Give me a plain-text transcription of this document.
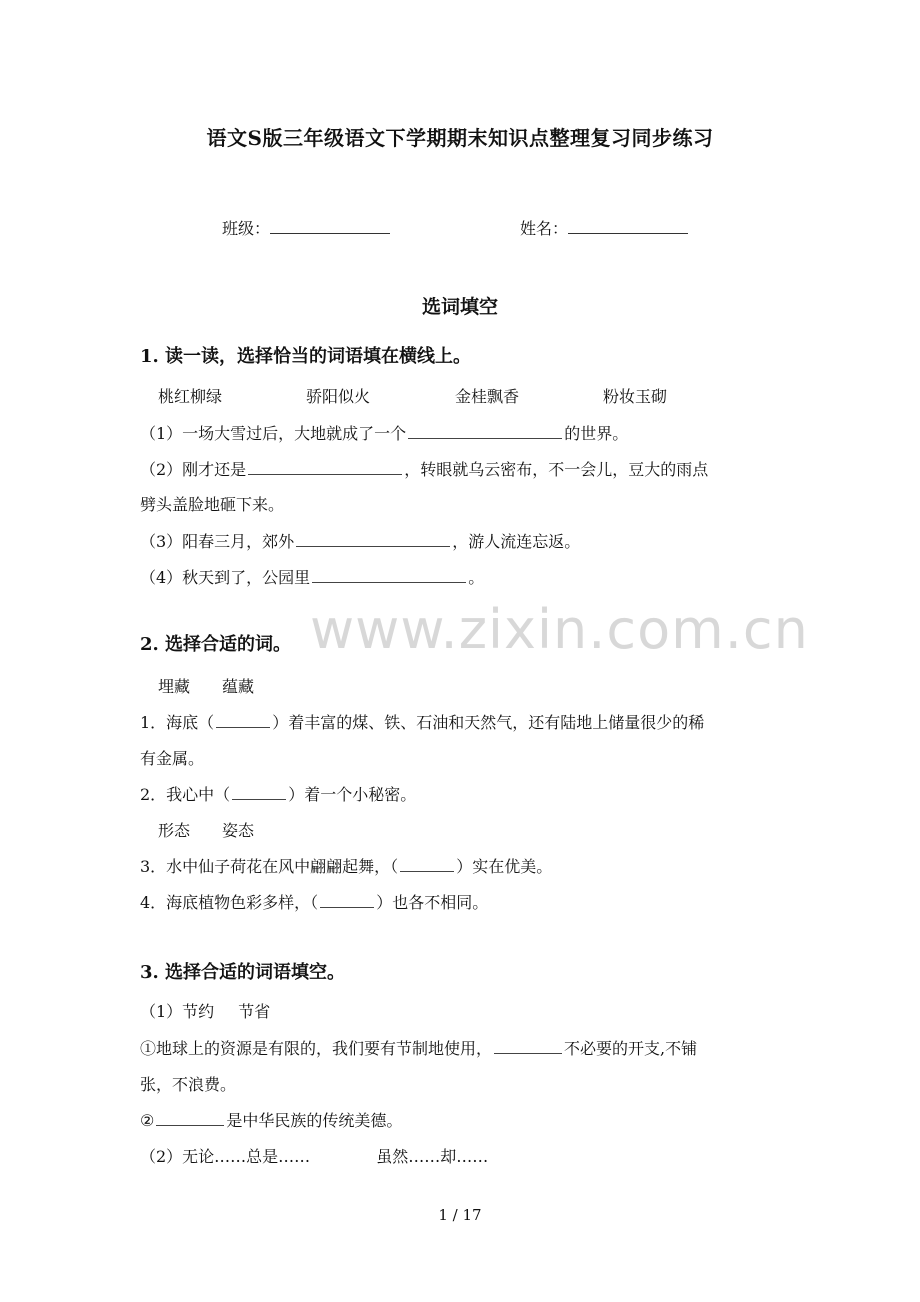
语文S版三年级语文下学期期末知识点整理复习同步练习
班级：	姓名：
选词填空
1. 读一读，选择恰当的词语填在横线上。
桃红柳绿	骄阳似火	金桂飘香	粉妆玉砌
（1）一场大雪过后，大地就成了一个	的世界。
（2）刚才还是	，转眼就乌云密布，不一会儿，豆大的雨点
劈头盖脸地砸下来。
（3）阳春三月，郊外	，游人流连忘返。
（4）秋天到了，公园里	。
www.zixin.com.cn
2. 选择合适的词。
埋藏 蕴藏
1．海底（	）着丰富的煤、铁、石油和天然气，还有陆地上储量很少的稀
有金属。
2．我心中（	）着一个小秘密。
形态 姿态
3．水中仙子荷花在风中翩翩起舞，（	）实在优美。
4．海底植物色彩多样，（	）也各不相同。
3. 选择合适的词语填空。
（1）节约 节省
①地球上的资源是有限的，我们要有节制地使用，	不必要的开支,不铺
张，不浪费。
②	是中华民族的传统美德。
（2）无论……总是……	虽然……却……
1 / 17
